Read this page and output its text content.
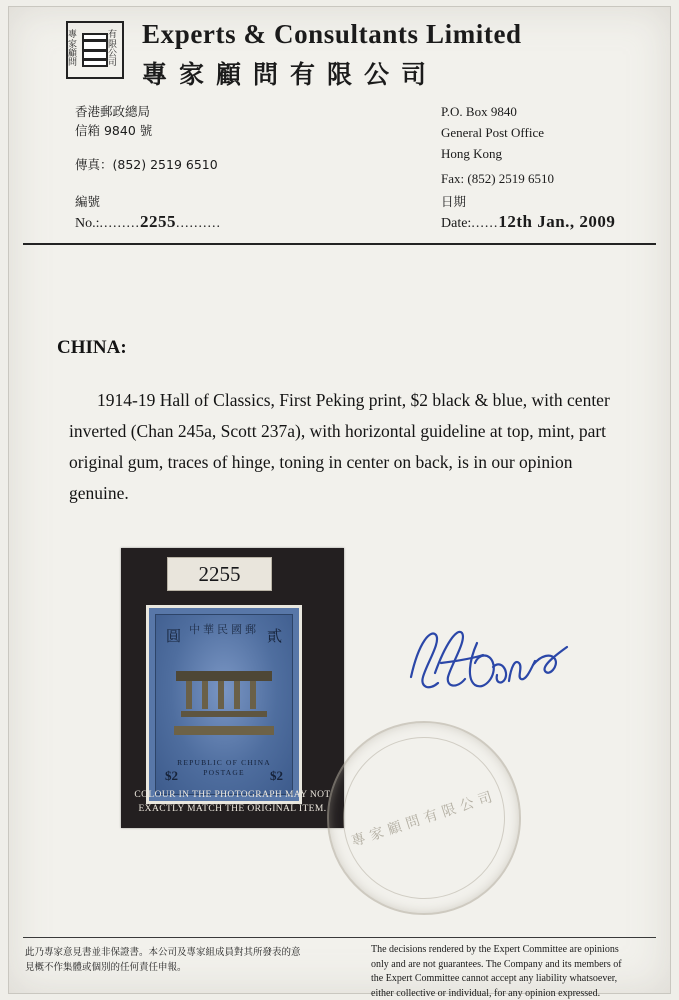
專家顧問
有限公司
Experts & Consultants Limited
專家顧問有限公司
香港郵政總局
信箱 9840 號
傳真：(852) 2519 6510
P.O. Box 9840
General Post Office
Hong Kong
Fax: (852) 2519 6510
編號
No.:.........2255..........
日期
Date:......12th Jan., 2009
CHINA:
1914-19 Hall of Classics, First Peking print, $2 black & blue, with center inverted (Chan 245a, Scott 237a), with horizontal guideline at top, mint, part original gum, traces of hinge, toning in center on back, is in our opinion genuine.
2255
中華民國郵
圓	貳
REPUBLIC OF CHINA
POSTAGE
$2	$2
COLOUR IN THE PHOTOGRAPH MAY NOT
EXACTLY MATCH THE ORIGINAL ITEM.	專家顧問有限公司
此乃專家意見書並非保證書。本公司及專家組成員對其所發表的意
見概不作集體或個別的任何責任申報。
The decisions rendered by the Expert Committee are opinions
only and are not guarantees. The Company and its members of
the Expert Committee cannot accept any liability whatsoever,
either collective or individual, for any opinion expressed.
